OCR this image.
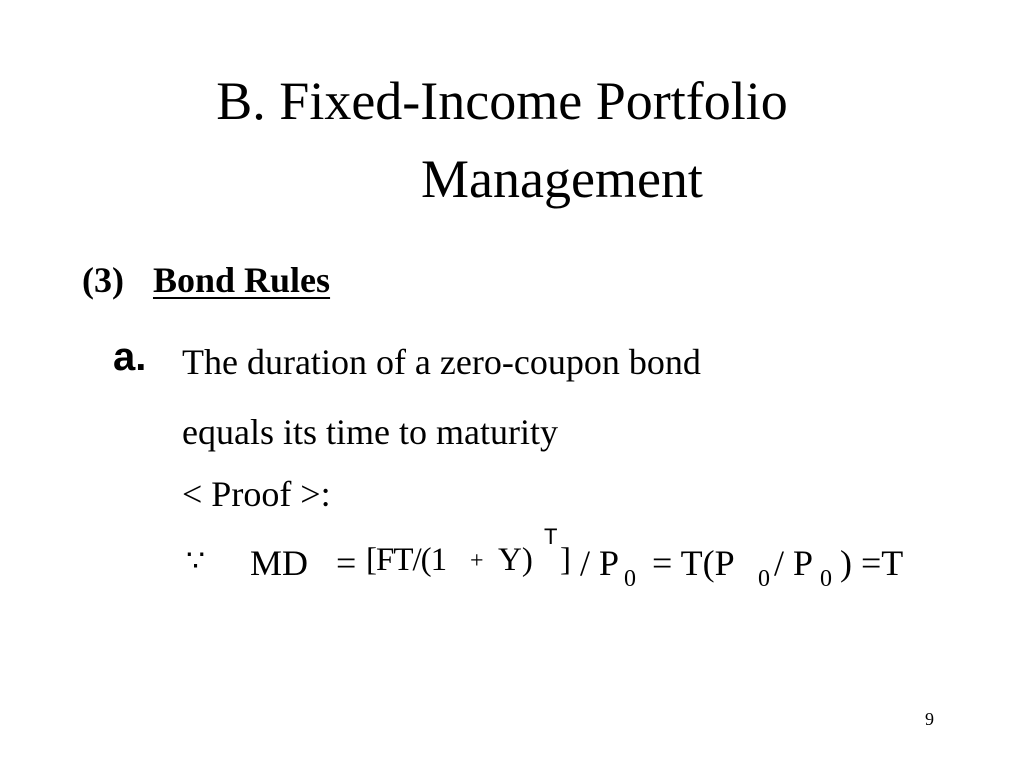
B. Fixed-Income Portfolio
Management
(3) Bond Rules
a. The duration of a zero-coupon bond
equals its time to maturity
< Proof >:
∵ MD = [FT/(1 + Y)
T
] / P 0 = T(P 0 / P 0 ) =T
9
